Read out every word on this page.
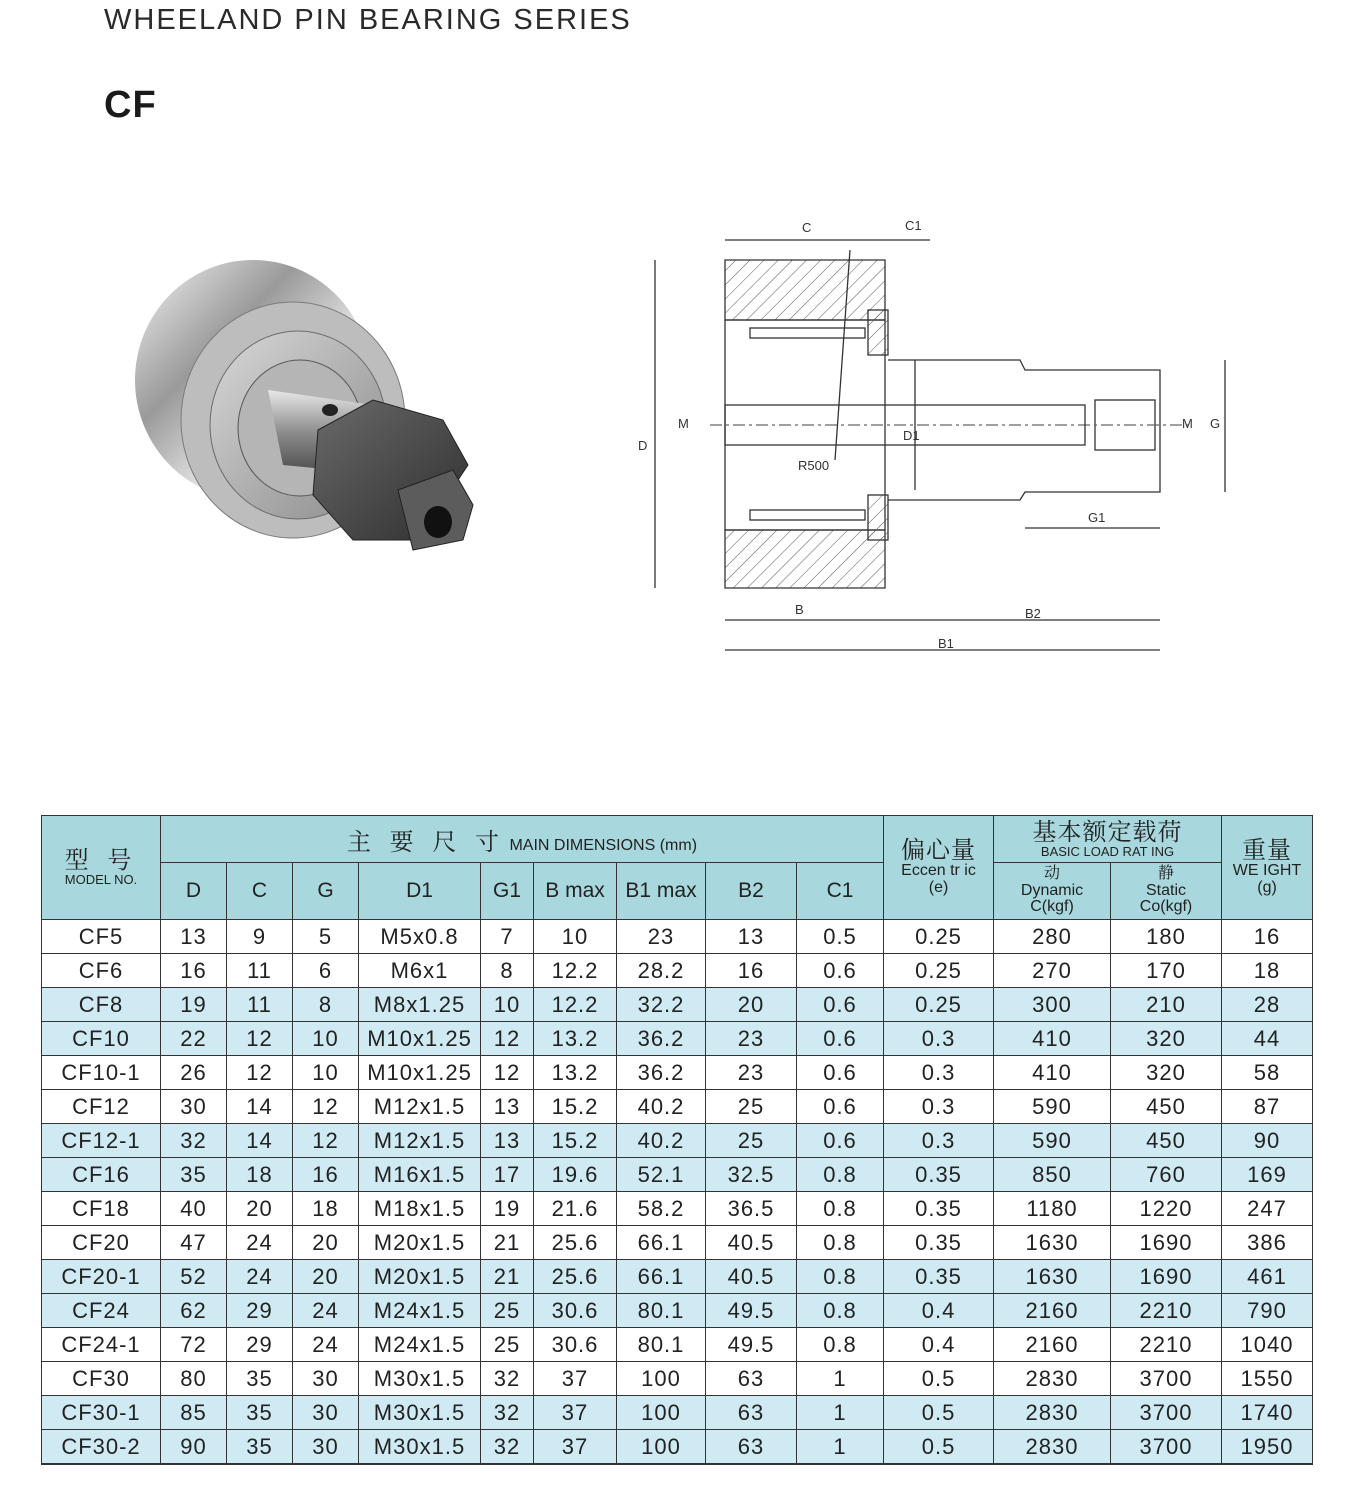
WHEELAND PIN BEARING SERIES
CF
C	C1
D
M
D1
R500
M G
G1
B	B2
B1
型 号
MODEL NO.	主 要 尺 寸 MAIN DIMENSIONS (mm)									偏心量
Eccen tr ic
(e)	基本额定载荷
BASIC LOAD RAT ING		重量
WE IGHT
(g)

	D	C	G	D1	G1	B max	B1 max	B2	C1		动
Dynamic
C(kgf)	静
Static
Co(kgf)	

CF5	13	9	5	M5x0.8	7	10	23	13	0.5	0.25	280	180	16
CF6	16	11	6	M6x1	8	12.2	28.2	16	0.6	0.25	270	170	18
CF8	19	11	8	M8x1.25	10	12.2	32.2	20	0.6	0.25	300	210	28
CF10	22	12	10	M10x1.25	12	13.2	36.2	23	0.6	0.3	410	320	44
CF10-1	26	12	10	M10x1.25	12	13.2	36.2	23	0.6	0.3	410	320	58
CF12	30	14	12	M12x1.5	13	15.2	40.2	25	0.6	0.3	590	450	87
CF12-1	32	14	12	M12x1.5	13	15.2	40.2	25	0.6	0.3	590	450	90
CF16	35	18	16	M16x1.5	17	19.6	52.1	32.5	0.8	0.35	850	760	169
CF18	40	20	18	M18x1.5	19	21.6	58.2	36.5	0.8	0.35	1180	1220	247
CF20	47	24	20	M20x1.5	21	25.6	66.1	40.5	0.8	0.35	1630	1690	386
CF20-1	52	24	20	M20x1.5	21	25.6	66.1	40.5	0.8	0.35	1630	1690	461
CF24	62	29	24	M24x1.5	25	30.6	80.1	49.5	0.8	0.4	2160	2210	790
CF24-1	72	29	24	M24x1.5	25	30.6	80.1	49.5	0.8	0.4	2160	2210	1040
CF30	80	35	30	M30x1.5	32	37	100	63	1	0.5	2830	3700	1550
CF30-1	85	35	30	M30x1.5	32	37	100	63	1	0.5	2830	3700	1740
CF30-2	90	35	30	M30x1.5	32	37	100	63	1	0.5	2830	3700	1950
